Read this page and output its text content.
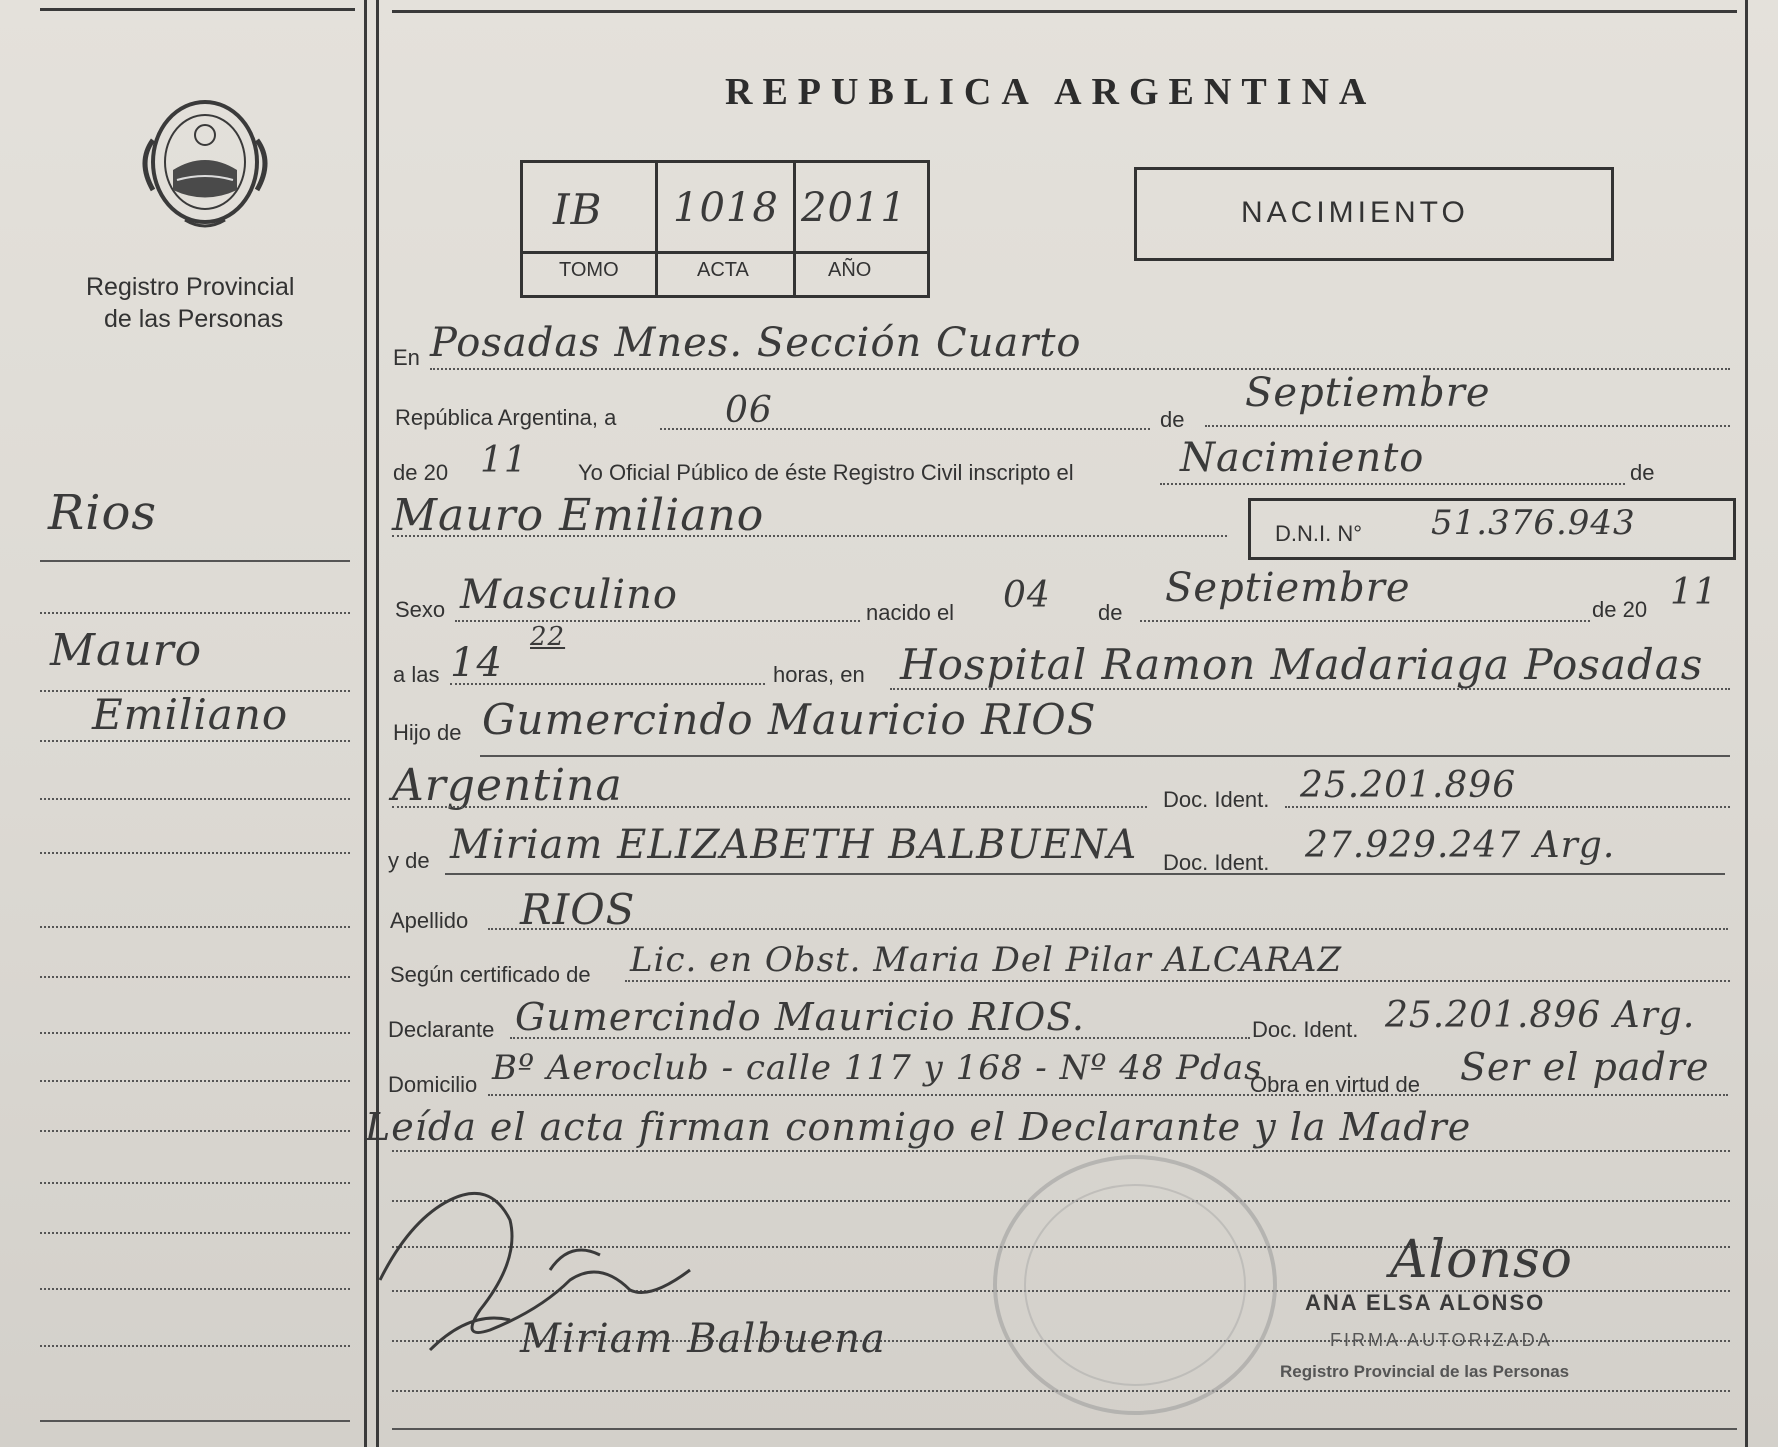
Registro Provincial
de las Personas
Rios
Mauro
Emiliano
REPUBLICA ARGENTINA
IB 1018 2011
TOMO	ACTA	AÑO
NACIMIENTO
En Posadas Mnes. Sección Cuarto
República Argentina, a	06	de
Septiembre
de 20 11 Yo Oficial Público de éste Registro Civil inscripto el	Nacimiento	de
Mauro Emiliano	D.N.I. N° 51.376.943
Sexo Masculino	nacido el 04 de
Septiembre	de 20 11
a las 14
22
horas, en Hospital Ramon Madariaga Posadas
Hijo de Gumercindo Mauricio RIOS
Argentina	Doc. Ident. 25.201.896
y de Miriam ELIZABETH BALBUENA Doc. Ident. 27.929.247 Arg.
Apellido RIOS
Según certificado de Lic. en Obst. Maria Del Pilar ALCARAZ
Declarante Gumercindo Mauricio RIOS.	Doc. Ident. 25.201.896 Arg.
Domicilio Bº Aeroclub - calle 117 y 168 - Nº 48 Pdas
Obra en virtud de Ser el padre
Leída el acta firman conmigo el Declarante y la Madre
Miriam Balbuena
Alonso
ANA ELSA ALONSO
FIRMA AUTORIZADA
Registro Provincial de las Personas
